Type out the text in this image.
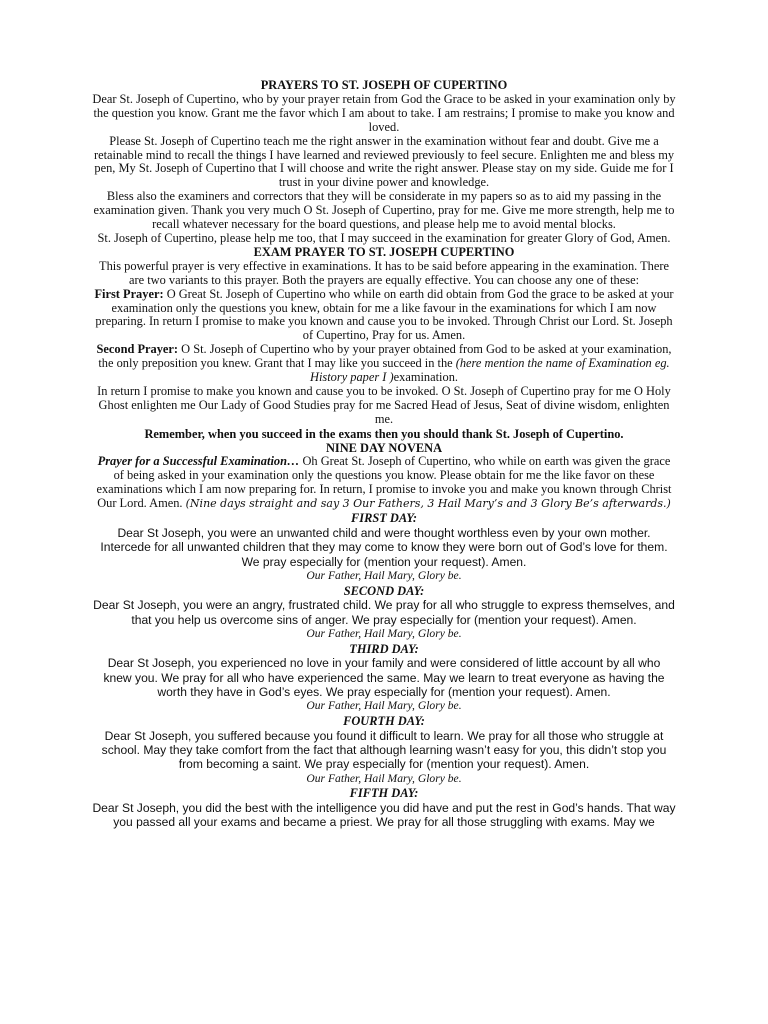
PRAYERS TO ST. JOSEPH OF CUPERTINO

Dear St. Joseph of Cupertino, who by your prayer retain from God the Grace to be asked in your examination only by the question you know. Grant me the favor which I am about to take. I am restrains; I promise to make you know and loved.

Please St. Joseph of Cupertino teach me the right answer in the examination without fear and doubt. Give me a retainable mind to recall the things I have learned and reviewed previously to feel secure. Enlighten me and bless my pen, My St. Joseph of Cupertino that I will choose and write the right answer. Please stay on my side. Guide me for I trust in your divine power and knowledge.

Bless also the examiners and correctors that they will be considerate in my papers so as to aid my passing in the examination given. Thank you very much O St. Joseph of Cupertino, pray for me. Give me more strength, help me to recall whatever necessary for the board questions, and please help me to avoid mental blocks.

St. Joseph of Cupertino, please help me too, that I may succeed in the examination for greater Glory of God, Amen.

EXAM PRAYER TO ST. JOSEPH CUPERTINO

This powerful prayer is very effective in examinations. It has to be said before appearing in the examination. There are two variants to this prayer. Both the prayers are equally effective. You can choose any one of these:

First Prayer: O Great St. Joseph of Cupertino who while on earth did obtain from God the grace to be asked at your examination only the questions you knew, obtain for me a like favour in the examinations for which I am now preparing. In return I promise to make you known and cause you to be invoked. Through Christ our Lord. St. Joseph of Cupertino, Pray for us. Amen.

Second Prayer: O St. Joseph of Cupertino who by your prayer obtained from God to be asked at your examination, the only preposition you knew. Grant that I may like you succeed in the (here mention the name of Examination eg. History paper I )examination.

In return I promise to make you known and cause you to be invoked. O St. Joseph of Cupertino pray for me O Holy Ghost enlighten me Our Lady of Good Studies pray for me Sacred Head of Jesus, Seat of divine wisdom, enlighten me.

Remember, when you succeed in the exams then you should thank St. Joseph of Cupertino.

NINE DAY NOVENA

Prayer for a Successful Examination… Oh Great St. Joseph of Cupertino, who while on earth was given the grace of being asked in your examination only the questions you know. Please obtain for me the like favor on these examinations which I am now preparing for. In return, I promise to invoke you and make you known through Christ Our Lord. Amen. (Nine days straight and say 3 Our Fathers, 3 Hail Mary’s and 3 Glory Be’s afterwards.)

FIRST DAY:

Dear St Joseph, you were an unwanted child and were thought worthless even by your own mother. Intercede for all unwanted children that they may come to know they were born out of God’s love for them. We pray especially for (mention your request). Amen.

Our Father, Hail Mary, Glory be.

SECOND DAY:

Dear St Joseph, you were an angry, frustrated child. We pray for all who struggle to express themselves, and that you help us overcome sins of anger. We pray especially for (mention your request). Amen.

Our Father, Hail Mary, Glory be.

THIRD DAY:

Dear St Joseph, you experienced no love in your family and were considered of little account by all who knew you. We pray for all who have experienced the same. May we learn to treat everyone as having the worth they have in God’s eyes. We pray especially for (mention your request). Amen.

Our Father, Hail Mary, Glory be.

FOURTH DAY:

Dear St Joseph, you suffered because you found it difficult to learn. We pray for all those who struggle at school. May they take comfort from the fact that although learning wasn’t easy for you, this didn’t stop you from becoming a saint. We pray especially for (mention your request). Amen.

Our Father, Hail Mary, Glory be.

FIFTH DAY:

Dear St Joseph, you did the best with the intelligence you did have and put the rest in God’s hands. That way you passed all your exams and became a priest. We pray for all those struggling with exams. May we
